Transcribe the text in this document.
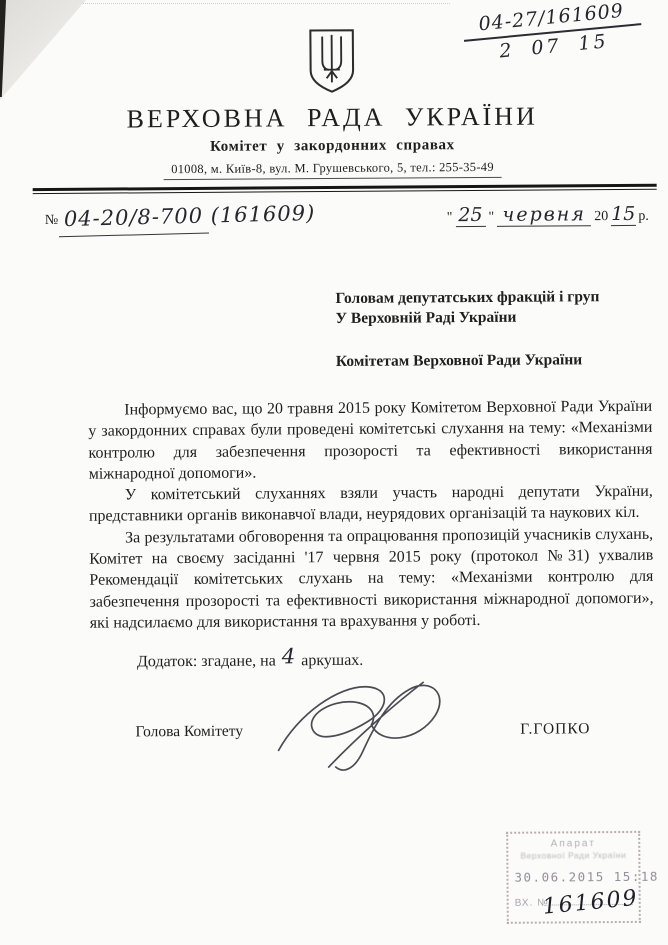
04-27/161609
2 07 15
ВЕРХОВНА РАДА УКРАЇНИ
Комітет у закордонних справах
01008, м. Київ-8, вул. М. Грушевського, 5, тел.: 255-35-49
№ 04-20/8-700 (161609)	" 25 " червня 20 15 р.
Головам депутатських фракцій і груп
У Верховній Раді України
Комітетам Верховної Ради України

Інформуємо вас, що 20 травня 2015 року Комітетом Верховної Ради України у закордонних справах були проведені комітетські слухання на тему: «Механізми контролю для забезпечення прозорості та ефективності використання міжнародної допомоги».

У комітетський слуханнях взяли участь народні депутати України, представники органів виконавчої влади, неурядових організацій та наукових кіл.

За результатами обговорення та опрацювання пропозицій учасників слухань, Комітет на своєму засіданні '17 червня 2015 року (протокол №31) ухвалив Рекомендації комітетських слухань на тему: «Механізми контролю для забезпечення прозорості та ефективності використання міжнародної допомоги», які надсилаємо для використання та врахування у роботі.

Додаток: згадане, на 4 аркушах.
Голова Комітету	Г.ГОПКО
Апарат
Верховної Ради України
30.06.2015 15:18
ВХ. №
161609
